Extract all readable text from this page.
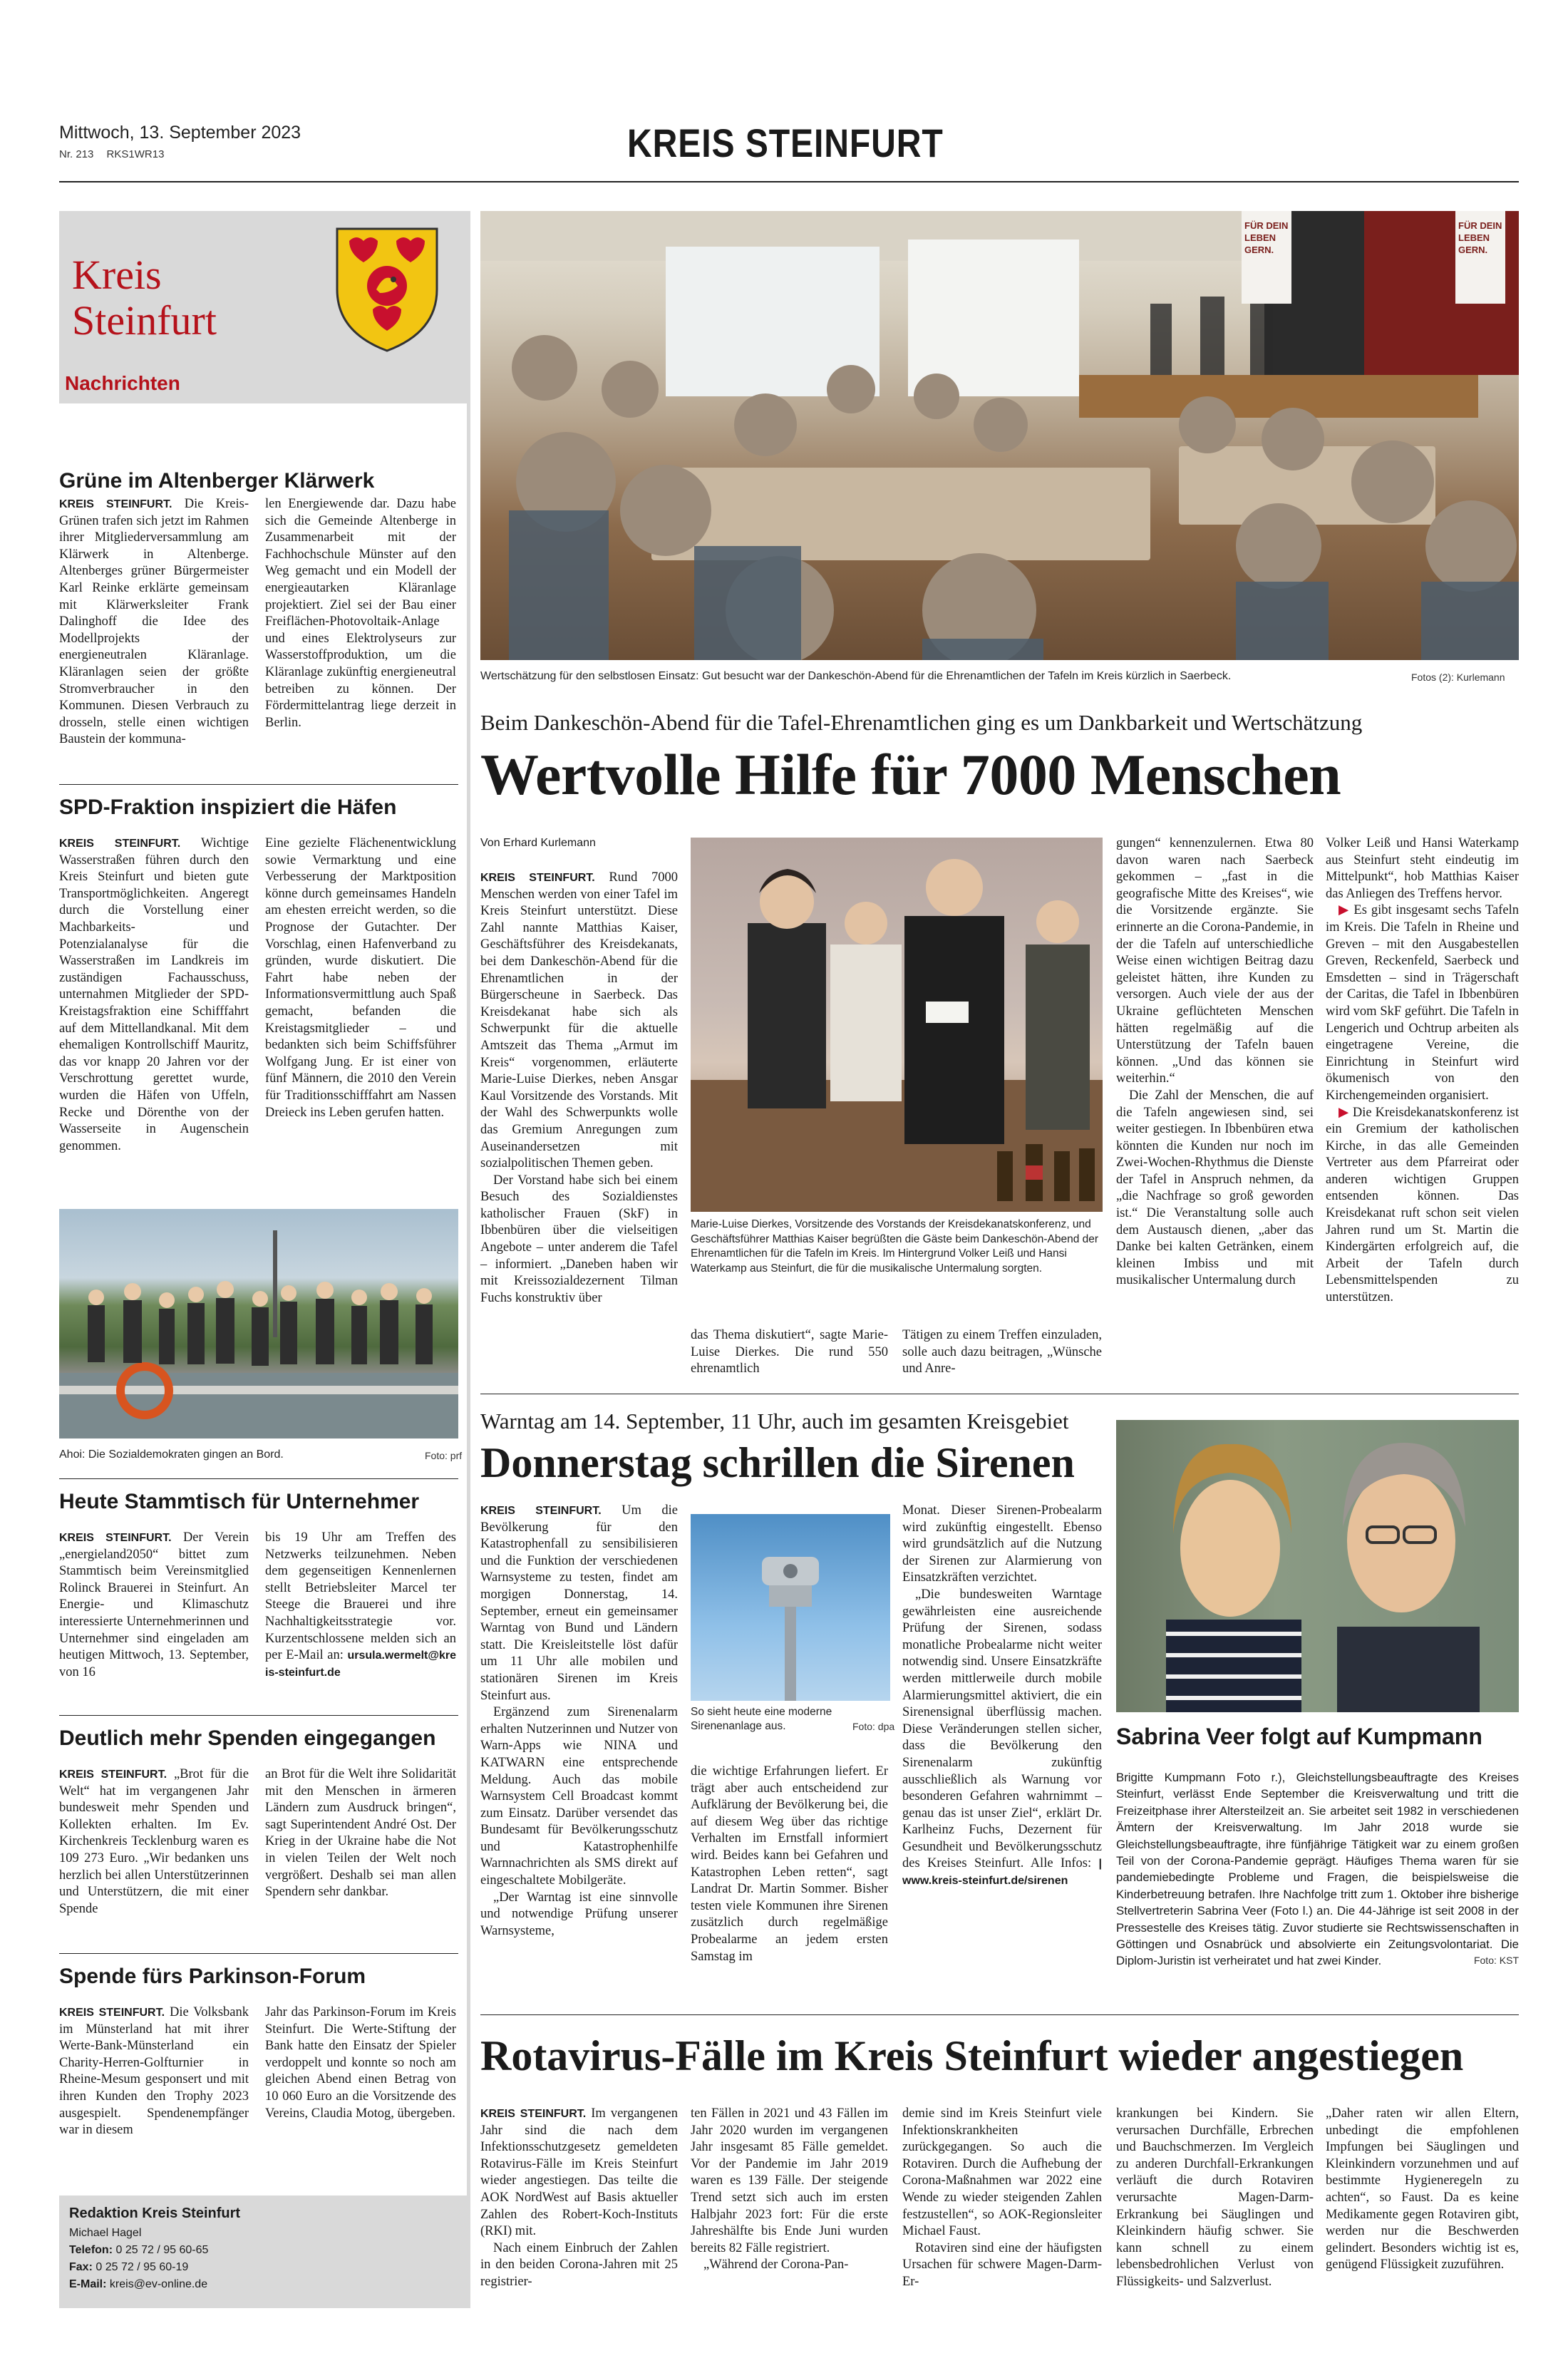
Mittwoch, 13. September 2023
Nr. 213 RKS1WR13	KREIS STEINFURT
Kreis
Steinfurt
Nachrichten
Grüne im Altenberger Klärwerk
KREIS STEINFURT. Die Kreis-Grünen trafen sich jetzt im Rahmen ihrer Mitgliederversammlung am Klärwerk in Altenberge. Altenberges grüner Bürgermeister Karl Reinke erklärte gemeinsam mit Klärwerksleiter Frank Dalinghoff die Idee des Modellprojekts der energieneutralen Kläranlage. Kläranlagen seien der größte Stromverbraucher in den Kommunen. Diesen Verbrauch zu drosseln, stelle einen wichtigen Baustein der kommuna-
len Energiewende dar. Dazu habe sich die Gemeinde Altenberge in Zusammenarbeit mit der Fachhochschule Münster auf den Weg gemacht und ein Modell der energieautarken Kläranlage projektiert. Ziel sei der Bau einer Freiflächen-Photovoltaik-Anlage und eines Elektrolyseurs zur Wasserstoffproduktion, um die Kläranlage zukünftig energieneutral betreiben zu können. Der Fördermittelantrag liege derzeit in Berlin.
SPD-Fraktion inspiziert die Häfen
KREIS STEINFURT. Wichtige Wasserstraßen führen durch den Kreis Steinfurt und bieten gute Transportmöglichkeiten. Angeregt durch die Vorstellung einer Machbarkeits- und Potenzialanalyse für die Wasserstraßen im Landkreis im zuständigen Fachausschuss, unternahmen Mitglieder der SPD-Kreistagsfraktion eine Schifffahrt auf dem Mittellandkanal. Mit dem ehemaligen Kontrollschiff Mauritz, das vor knapp 20 Jahren vor der Verschrottung gerettet wurde, wurden die Häfen von Uffeln, Recke und Dörenthe von der Wasserseite in Augenschein genommen.
Eine gezielte Flächenentwicklung sowie Vermarktung und eine Verbesserung der Marktposition könne durch gemeinsames Handeln am ehesten erreicht werden, so die Prognose der Gutachter. Der Vorschlag, einen Hafenverband zu gründen, wurde diskutiert. Die Fahrt habe neben der Informationsvermittlung auch Spaß gemacht, befanden die Kreistagsmitglieder – und bedankten sich beim Schiffsführer Wolfgang Jung. Er ist einer von fünf Männern, die 2010 den Verein für Traditionsschifffahrt am Nassen Dreieck ins Leben gerufen hatten.
Ahoi: Die Sozialdemokraten gingen an Bord.	Foto: prf
Heute Stammtisch für Unternehmer
KREIS STEINFURT. Der Verein „energieland2050“ bittet zum Stammtisch beim Vereinsmitglied Rolinck Brauerei in Steinfurt. An Energie- und Klimaschutz interessierte Unternehmerinnen und Unternehmer sind eingeladen am heutigen Mittwoch, 13. September, von 16
bis 19 Uhr am Treffen des Netzwerks teilzunehmen. Neben dem gegenseitigen Kennenlernen stellt Betriebsleiter Marcel ter Steege die Brauerei und ihre Nachhaltigkeitsstrategie vor. Kurzentschlossene melden sich an per E-Mail an: ursula.wermelt@kreis-steinfurt.de
Deutlich mehr Spenden eingegangen
KREIS STEINFURT. „Brot für die Welt“ hat im vergangenen Jahr bundesweit mehr Spenden und Kollekten erhalten. Im Ev. Kirchenkreis Tecklenburg waren es 109 273 Euro. „Wir bedanken uns herzlich bei allen Unterstützerinnen und Unterstützern, die mit einer Spende
an Brot für die Welt ihre Solidarität mit den Menschen in ärmeren Ländern zum Ausdruck bringen“, sagt Superintendent André Ost. Der Krieg in der Ukraine habe die Not in vielen Teilen der Welt noch vergrößert. Deshalb sei man allen Spendern sehr dankbar.
Spende fürs Parkinson-Forum
KREIS STEINFURT. Die Volksbank im Münsterland hat mit ihrer Werte-Bank-Münsterland ein Charity-Herren-Golfturnier in Rheine-Mesum gesponsert und mit ihren Kunden den Trophy 2023 ausgespielt. Spendenempfänger war in diesem
Jahr das Parkinson-Forum im Kreis Steinfurt. Die Werte-Stiftung der Bank hatte den Einsatz der Spieler verdoppelt und konnte so noch am gleichen Abend einen Betrag von 10 060 Euro an die Vorsitzende des Vereins, Claudia Motog, übergeben.
Redaktion Kreis Steinfurt
Michael Hagel
Telefon: 0 25 72 / 95 60-65
Fax: 0 25 72 / 95 60-19
E-Mail: kreis@ev-online.de
FÜR DEIN LEBEN GERN.
FÜR DEIN LEBEN GERN.
Wertschätzung für den selbstlosen Einsatz: Gut besucht war der Dankeschön-Abend für die Ehrenamtlichen der Tafeln im Kreis kürzlich in Saerbeck.	Fotos (2): Kurlemann
Beim Dankeschön-Abend für die Tafel-Ehrenamtlichen ging es um Dankbarkeit und Wertschätzung
Wertvolle Hilfe für 7000 Menschen
Von Erhard Kurlemann

KREIS STEINFURT. Rund 7000 Menschen werden von einer Tafel im Kreis Steinfurt unterstützt. Diese Zahl nannte Matthias Kaiser, Geschäftsführer des Kreisdekanats, bei dem Dankeschön-Abend für die Ehrenamtlichen in der Bürgerscheune in Saerbeck. Das Kreisdekanat habe sich als Schwerpunkt für die aktuelle Amtszeit das Thema „Armut im Kreis“ vorgenommen, erläuterte Marie-Luise Dierkes, neben Ansgar Kaul Vorsitzende des Vorstands. Mit der Wahl des Schwerpunkts wolle das Gremium Anregungen zum Auseinandersetzen mit sozialpolitischen Themen geben.

Der Vorstand habe sich bei einem Besuch des Sozialdienstes katholischer Frauen (SkF) in Ibbenbüren über die vielseitigen Angebote – unter anderem die Tafel – informiert. „Daneben haben wir mit Kreissozialdezernent Tilman Fuchs konstruktiv über

Marie-Luise Dierkes, Vorsitzende des Vorstands der Kreisdekanatskonferenz, und Geschäftsführer Matthias Kaiser begrüßten die Gäste beim Dankeschön-Abend der Ehrenamtlichen für die Tafeln im Kreis. Im Hintergrund Volker Leiß und Hansi Waterkamp aus Steinfurt, die für die musikalische Untermalung sorgten.
das Thema diskutiert“, sagte Marie-Luise Dierkes. Die rund 550 ehrenamtlich
Tätigen zu einem Treffen einzuladen, solle auch dazu beitragen, „Wünsche und Anre-

gungen“ kennenzulernen. Etwa 80 davon waren nach Saerbeck gekommen – „fast in die geografische Mitte des Kreises“, wie die Vorsitzende ergänzte. Sie erinnerte an die Corona-Pandemie, in der die Tafeln auf unterschiedliche Weise einen wichtigen Beitrag dazu geleistet hätten, ihre Kunden zu versorgen. Auch viele der aus der Ukraine geflüchteten Menschen hätten regelmäßig auf die Unterstützung der Tafeln bauen können. „Und das können sie weiterhin.“

Die Zahl der Menschen, die auf die Tafeln angewiesen sind, sei weiter gestiegen. In Ibbenbüren etwa könnten die Kunden nur noch im Zwei-Wochen-Rhythmus die Dienste der Tafel in Anspruch nehmen, da „die Nachfrage so groß geworden ist.“ Die Veranstaltung solle auch dem Austausch dienen, „aber das Danke bei kalten Getränken, einem kleinen Imbiss und mit musikalischer Untermalung durch

Volker Leiß und Hansi Waterkamp aus Steinfurt steht eindeutig im Mittelpunkt“, hob Matthias Kaiser das Anliegen des Treffens hervor.

▶ Es gibt insgesamt sechs Tafeln im Kreis. Die Tafeln in Rheine und Greven – mit den Ausgabestellen Greven, Reckenfeld, Saerbeck und Emsdetten – sind in Trägerschaft der Caritas, die Tafel in Ibbenbüren wird vom SkF geführt. Die Tafeln in Lengerich und Ochtrup arbeiten als eingetragene Vereine, die Einrichtung in Steinfurt wird ökumenisch von den Kirchengemeinden organisiert.

▶ Die Kreisdekanatskonferenz ist ein Gremium der katholischen Kirche, in das alle Gemeinden Vertreter aus dem Pfarreirat oder anderen wichtigen Gruppen entsenden können. Das Kreisdekanat ruft schon seit vielen Jahren rund um St. Martin die Kindergärten erfolgreich auf, die Arbeit der Tafeln durch Lebensmittelspenden zu unterstützen.

Warntag am 14. September, 11 Uhr, auch im gesamten Kreisgebiet
Donnerstag schrillen die Sirenen

KREIS STEINFURT. Um die Bevölkerung für den Katastrophenfall zu sensibilisieren und die Funktion der verschiedenen Warnsysteme zu testen, findet am morgigen Donnerstag, 14. September, erneut ein gemeinsamer Warntag von Bund und Ländern statt. Die Kreisleitstelle löst dafür um 11 Uhr alle mobilen und stationären Sirenen im Kreis Steinfurt aus.

Ergänzend zum Sirenenalarm erhalten Nutzerinnen und Nutzer von Warn-Apps wie NINA und KATWARN eine entsprechende Meldung. Auch das mobile Warnsystem Cell Broadcast kommt zum Einsatz. Darüber versendet das Bundesamt für Bevölkerungsschutz und Katastrophenhilfe Warnnachrichten als SMS direkt auf eingeschaltete Mobilgeräte.

„Der Warntag ist eine sinnvolle und notwendige Prüfung unserer Warnsysteme,

So sieht heute eine moderne Sirenenanlage aus.	Foto: dpa
die wichtige Erfahrungen liefert. Er trägt aber auch entscheidend zur Aufklärung der Bevölkerung bei, die auf diesem Weg über das richtige Verhalten im Ernstfall informiert wird. Beides kann bei Gefahren und Katastrophen Leben retten“, sagt Landrat Dr. Martin Sommer. Bisher testen viele Kommunen ihre Sirenen zusätzlich durch regelmäßige Probealarme an jedem ersten Samstag im

Monat. Dieser Sirenen-Probealarm wird zukünftig eingestellt. Ebenso wird grundsätzlich auf die Nutzung der Sirenen zur Alarmierung von Einsatzkräften verzichtet.

„Die bundesweiten Warntage gewährleisten eine ausreichende Prüfung der Sirenen, sodass monatliche Probealarme nicht weiter notwendig sind. Unsere Einsatzkräfte werden mittlerweile durch mobile Alarmierungsmittel aktiviert, die ein Sirenensignal überflüssig machen. Diese Veränderungen stellen sicher, dass die Bevölkerung den Sirenenalarm zukünftig ausschließlich als Warnung vor besonderen Gefahren wahrnimmt – genau das ist unser Ziel“, erklärt Dr. Karlheinz Fuchs, Dezernent für Gesundheit und Bevölkerungsschutz des Kreises Steinfurt. Alle Infos: | www.kreis-steinfurt.de/sirenen

Sabrina Veer folgt auf Kumpmann
Brigitte Kumpmann Foto r.), Gleichstellungsbeauftragte des Kreises Steinfurt, verlässt Ende September die Kreisverwaltung und tritt die Freizeitphase ihrer Altersteilzeit an. Sie arbeitet seit 1982 in verschiedenen Ämtern der Kreisverwaltung. Im Jahr 2018 wurde sie Gleichstellungsbeauftragte, ihre fünfjährige Tätigkeit war zu einem großen Teil von der Corona-Pandemie geprägt. Häufiges Thema waren für sie pandemiebedingte Probleme und Fragen, die beispielsweise die Kinderbetreuung betrafen. Ihre Nachfolge tritt zum 1. Oktober ihre bisherige Stellvertreterin Sabrina Veer (Foto l.) an. Die 44-Jährige ist seit 2008 in der Pressestelle des Kreises tätig. Zuvor studierte sie Rechtswissenschaften in Göttingen und Osnabrück und absolvierte ein Zeitungsvolontariat. Die Diplom-Juristin ist verheiratet und hat zwei Kinder.	Foto: KST
Rotavirus-Fälle im Kreis Steinfurt wieder angestiegen

KREIS STEINFURT. Im vergangenen Jahr sind die nach dem Infektionsschutzgesetz gemeldeten Rotavirus-Fälle im Kreis Steinfurt wieder angestiegen. Das teilte die AOK NordWest auf Basis aktueller Zahlen des Robert-Koch-Instituts (RKI) mit.

Nach einem Einbruch der Zahlen in den beiden Corona-Jahren mit 25 registrier-

ten Fällen in 2021 und 43 Fällen im Jahr 2020 wurden im vergangenen Jahr insgesamt 85 Fälle gemeldet. Vor der Pandemie im Jahr 2019 waren es 139 Fälle. Der steigende Trend setzt sich auch im ersten Halbjahr 2023 fort: Für die erste Jahreshälfte bis Ende Juni wurden bereits 82 Fälle registriert.

„Während der Corona-Pan-

demie sind im Kreis Steinfurt viele Infektionskrankheiten zurückgegangen. So auch die Rotaviren. Durch die Aufhebung der Corona-Maßnahmen war 2022 eine Wende zu wieder steigenden Zahlen festzustellen“, so AOK-Regionsleiter Michael Faust.

Rotaviren sind eine der häufigsten Ursachen für schwere Magen-Darm-Er-

krankungen bei Kindern. Sie verursachen Durchfälle, Erbrechen und Bauchschmerzen. Im Vergleich zu anderen Durchfall-Erkrankungen verläuft die durch Rotaviren verursachte Magen-Darm-Erkrankung bei Säuglingen und Kleinkindern häufig schwer. Sie kann schnell zu einem lebensbedrohlichen Verlust von Flüssigkeits- und Salzverlust.
„Daher raten wir allen Eltern, unbedingt die empfohlenen Impfungen bei Säuglingen und Kleinkindern vorzunehmen und auf bestimmte Hygieneregeln zu achten“, so Faust. Da es keine Medikamente gegen Rotaviren gibt, werden nur die Beschwerden gelindert. Besonders wichtig ist es, genügend Flüssigkeit zuzuführen.
